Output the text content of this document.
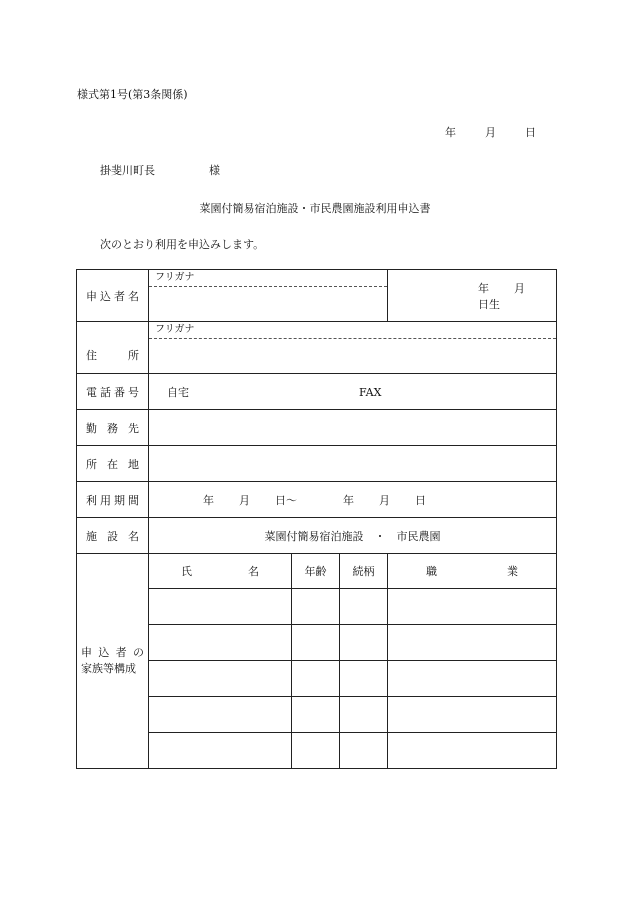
様式第1号(第3条関係)
年	月	日
掛斐川町長	様
菜園付簡易宿泊施設・市民農園施設利用申込書
次のとおり利用を申込みします。
申込者名	フリガナ			年 月日生

住所	フリガナ			

電話番号	自宅 FAX			
勤務先				
所在地				
利用期間	年 月 日～ 年 月 日			
施設名	菜園付簡易宿泊施設　・　市民農園			

申込者の
家族等構成	氏 名	年齢	続柄	職 業
